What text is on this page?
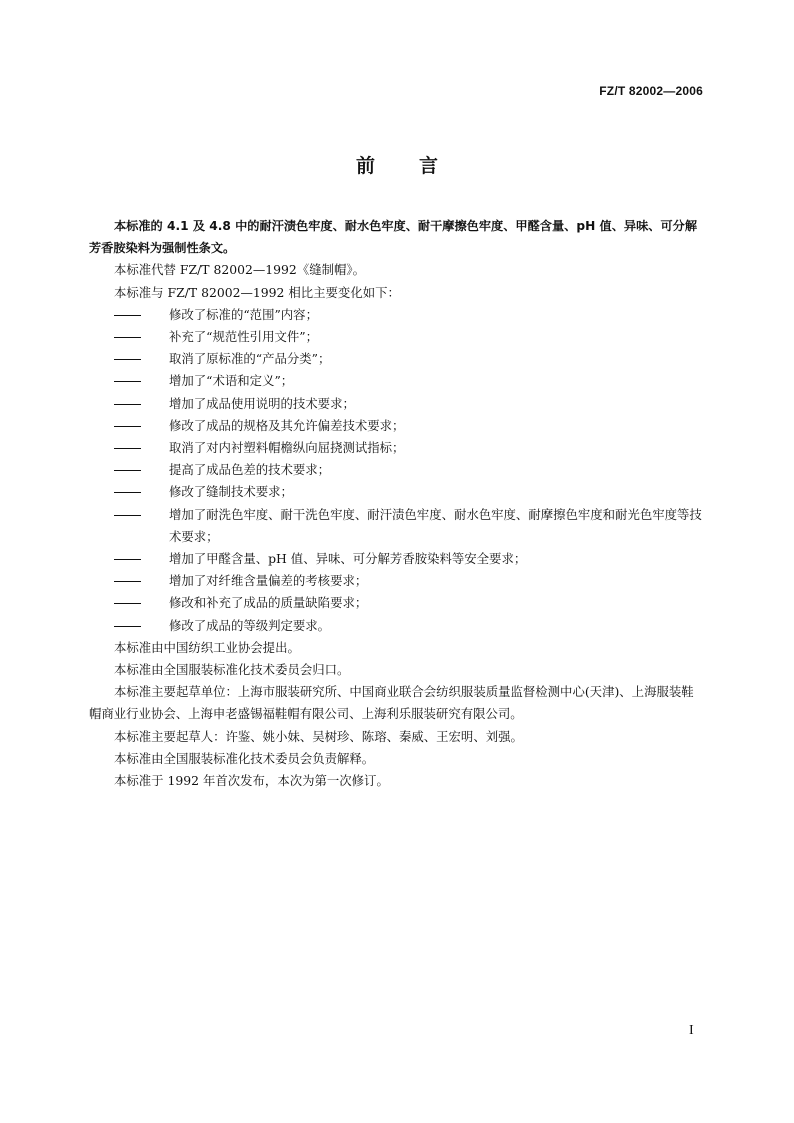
FZ/T 82002—2006
前 言

本标准的 4.1 及 4.8 中的耐汗渍色牢度、耐水色牢度、耐干摩擦色牢度、甲醛含量、pH 值、异味、可分解芳香胺染料为强制性条文。

本标准代替 FZ/T 82002—1992《缝制帽》。

本标准与 FZ/T 82002—1992 相比主要变化如下：

修改了标准的“范围”内容；
补充了“规范性引用文件”；
取消了原标准的“产品分类”；
增加了“术语和定义”；
增加了成品使用说明的技术要求；
修改了成品的规格及其允许偏差技术要求；
取消了对内衬塑料帽檐纵向屈挠测试指标；
提高了成品色差的技术要求；
修改了缝制技术要求；
增加了耐洗色牢度、耐干洗色牢度、耐汗渍色牢度、耐水色牢度、耐摩擦色牢度和耐光色牢度等技术要求；
增加了甲醛含量、pH 值、异味、可分解芳香胺染料等安全要求；
增加了对纤维含量偏差的考核要求；
修改和补充了成品的质量缺陷要求；
修改了成品的等级判定要求。

本标准由中国纺织工业协会提出。

本标准由全国服装标准化技术委员会归口。

本标准主要起草单位：上海市服装研究所、中国商业联合会纺织服装质量监督检测中心(天津)、上海服装鞋帽商业行业协会、上海申老盛锡福鞋帽有限公司、上海利乐服装研究有限公司。

本标准主要起草人：许鉴、姚小妹、吴树珍、陈瑢、秦威、王宏明、刘强。

本标准由全国服装标准化技术委员会负责解释。

本标准于 1992 年首次发布，本次为第一次修订。

I
